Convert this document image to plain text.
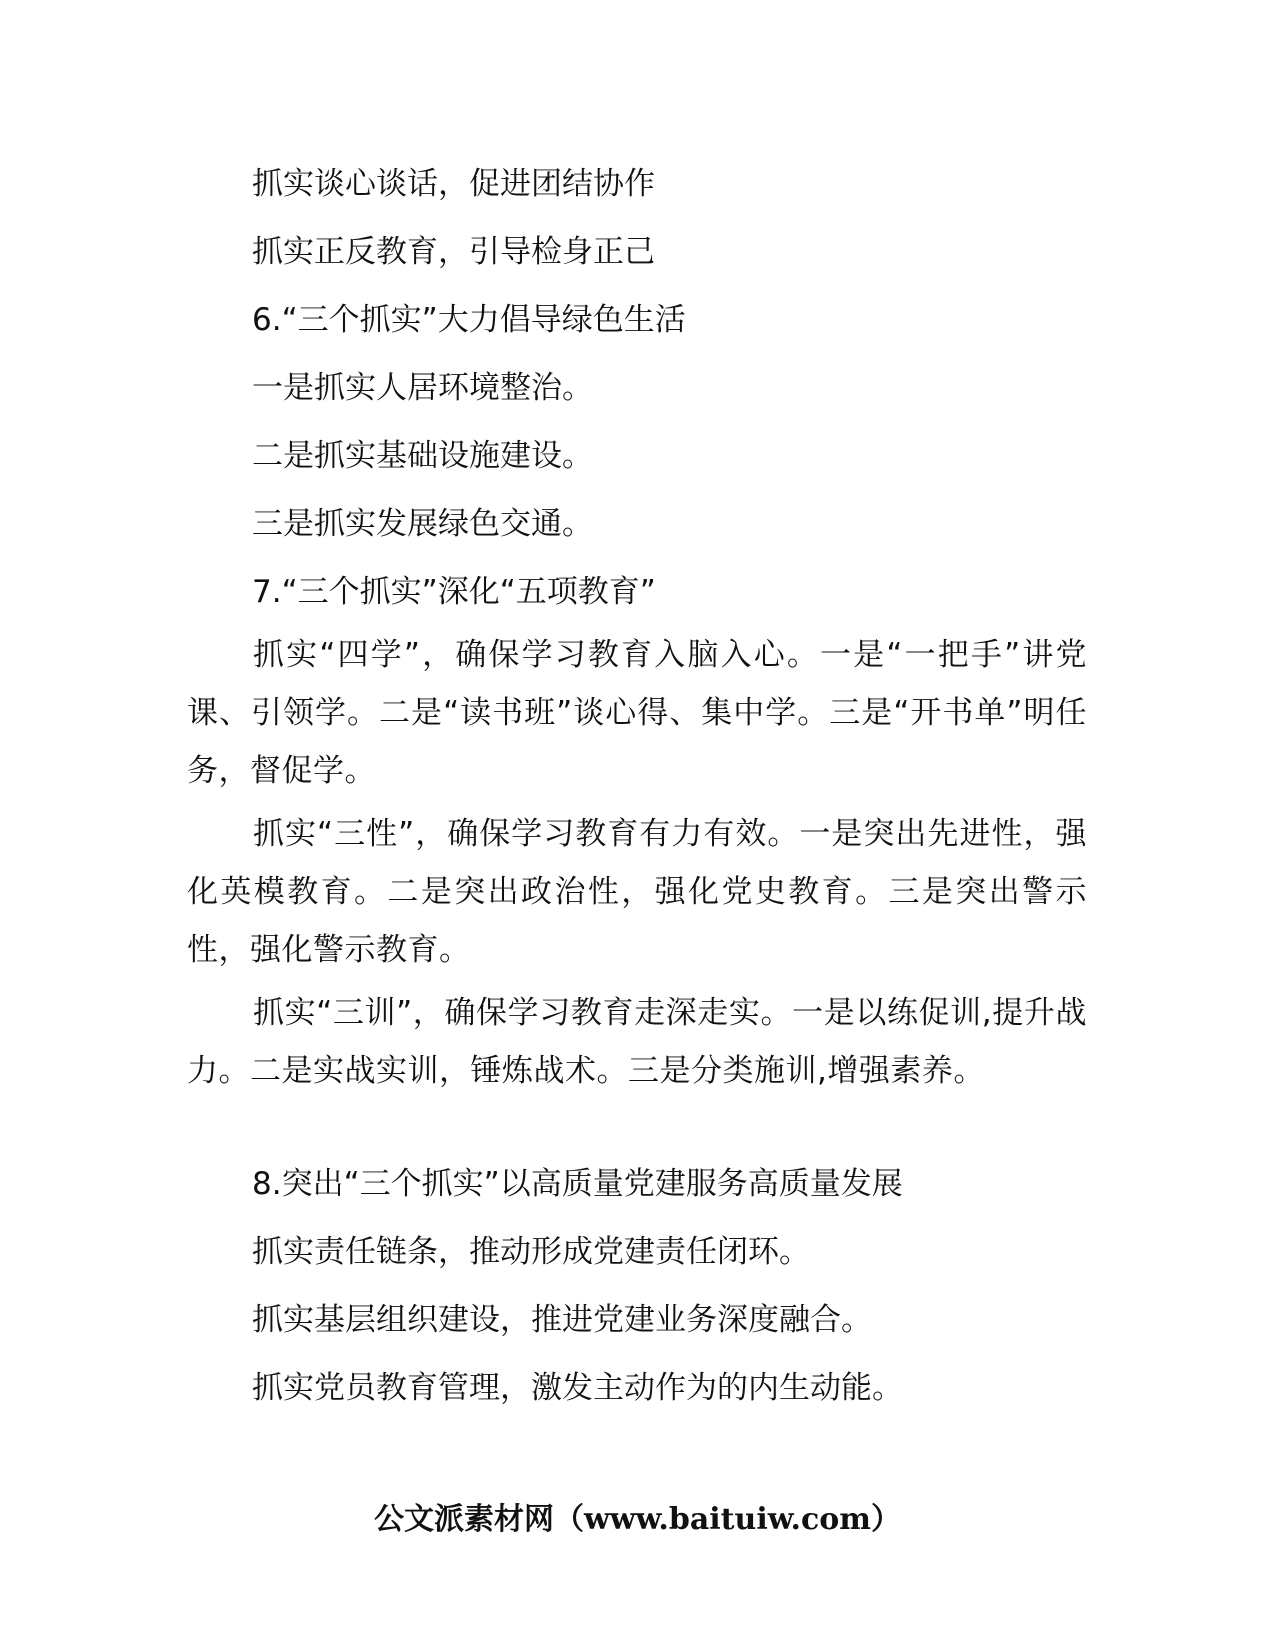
抓实谈心谈话，促进团结协作
抓实正反教育，引导检身正己
6.“三个抓实”大力倡导绿色生活
一是抓实人居环境整治。
二是抓实基础设施建设。
三是抓实发展绿色交通。
7.“三个抓实”深化“五项教育”
抓实“四学”，确保学习教育入脑入心。一是“一把手”讲党课、引领学。二是“读书班”谈心得、集中学。三是“开书单”明任务，督促学。
抓实“三性”，确保学习教育有力有效。一是突出先进性，强化英模教育。二是突出政治性，强化党史教育。三是突出警示性，强化警示教育。
抓实“三训”，确保学习教育走深走实。一是以练促训,提升战力。二是实战实训，锤炼战术。三是分类施训,增强素养。
8.突出“三个抓实”以高质量党建服务高质量发展
抓实责任链条，推动形成党建责任闭环。
抓实基层组织建设，推进党建业务深度融合。
抓实党员教育管理，激发主动作为的内生动能。
公文派素材网（www.baituiw.com）
